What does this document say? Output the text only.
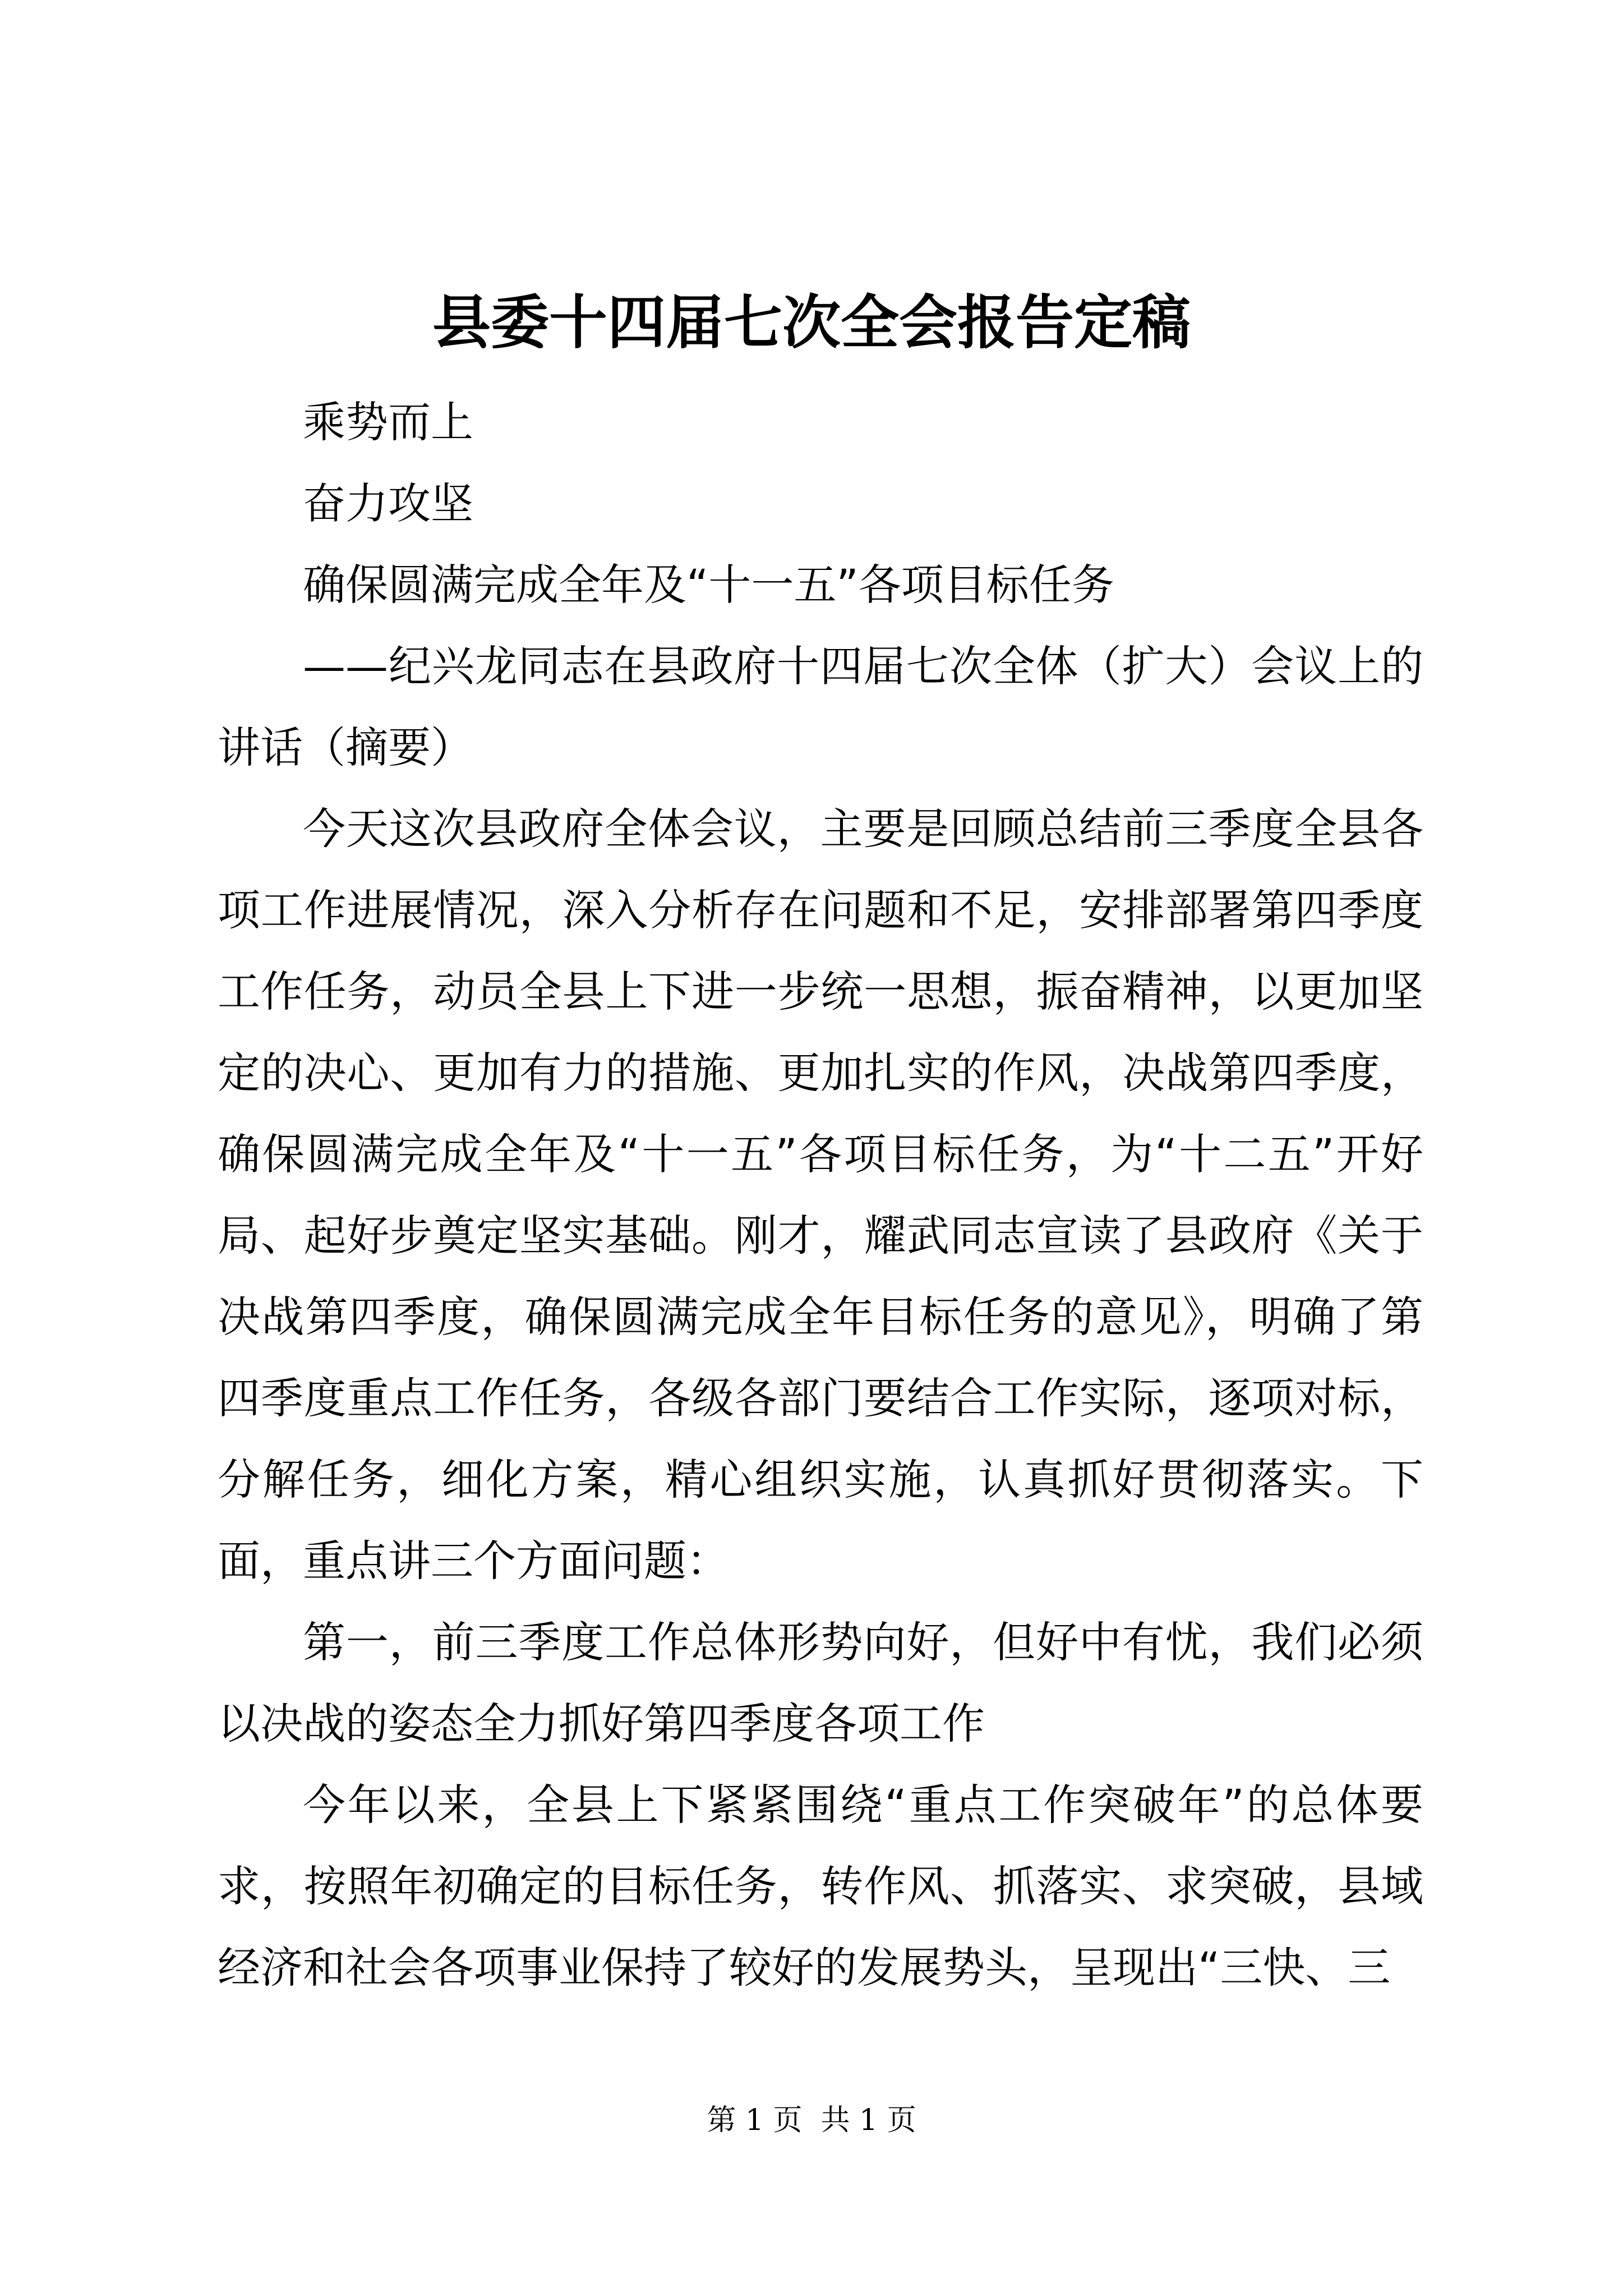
县委十四届七次全会报告定稿

乘势而上

奋力攻坚

确保圆满完成全年及“十一五”各项目标任务

——纪兴龙同志在县政府十四届七次全体（扩大）会议上的讲话（摘要）

今天这次县政府全体会议，主要是回顾总结前三季度全县各项工作进展情况，深入分析存在问题和不足，安排部署第四季度工作任务，动员全县上下进一步统一思想，振奋精神，以更加坚定的决心、更加有力的措施、更加扎实的作风，决战第四季度，确保圆满完成全年及“十一五”各项目标任务，为“十二五”开好局、起好步奠定坚实基础。刚才，耀武同志宣读了县政府《关于决战第四季度，确保圆满完成全年目标任务的意见》，明确了第四季度重点工作任务，各级各部门要结合工作实际，逐项对标，分解任务，细化方案，精心组织实施，认真抓好贯彻落实。下面，重点讲三个方面问题：

第一，前三季度工作总体形势向好，但好中有忧，我们必须以决战的姿态全力抓好第四季度各项工作

今年以来，全县上下紧紧围绕“重点工作突破年”的总体要求，按照年初确定的目标任务，转作风、抓落实、求突破，县域经济和社会各项事业保持了较好的发展势头，呈现出“三快、三

第 1 页  共 1 页
